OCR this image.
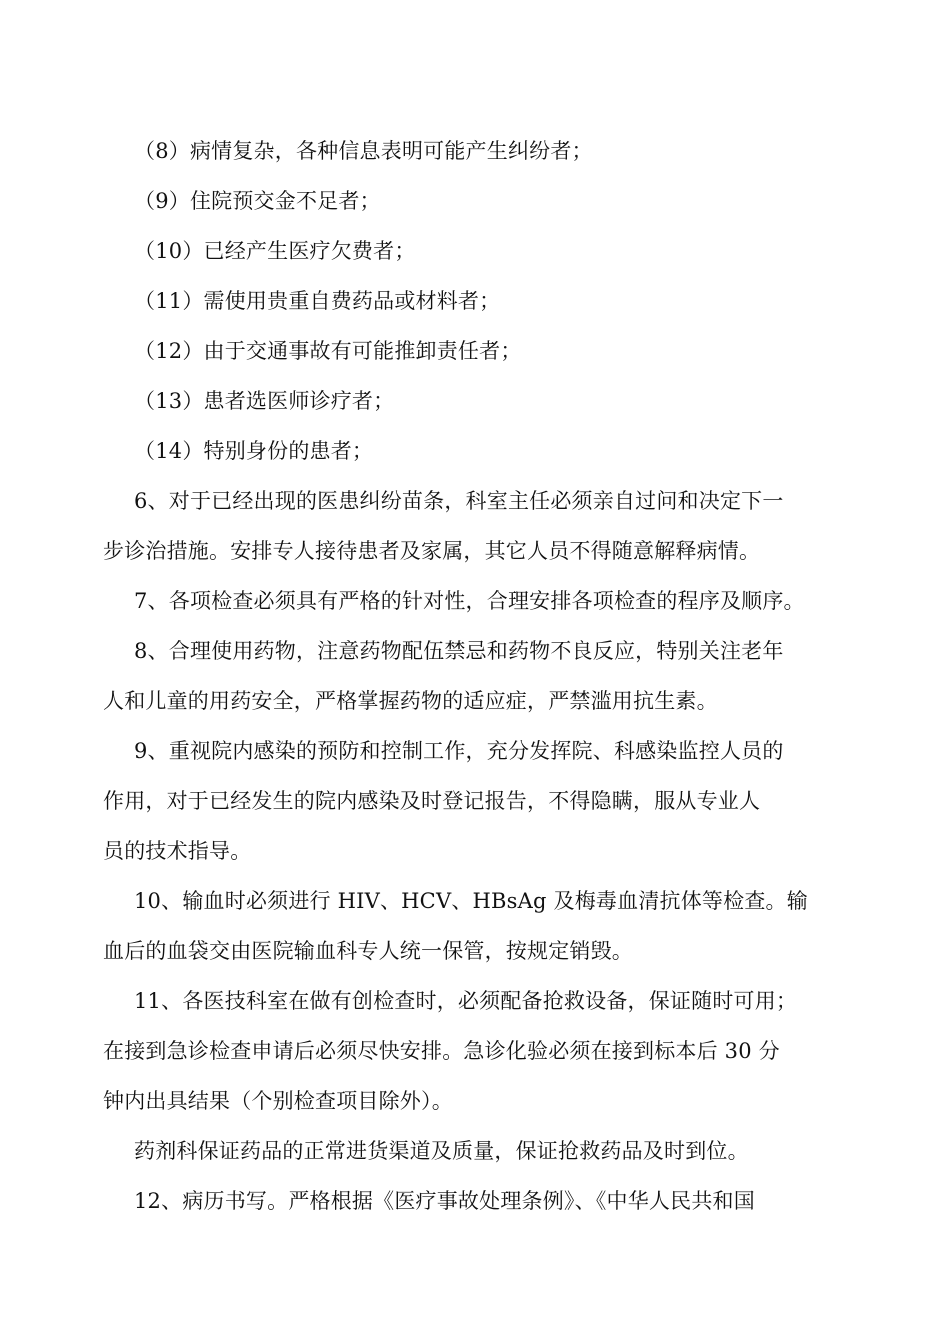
（8）病情复杂，各种信息表明可能产生纠纷者；
（9）住院预交金不足者；
（10）已经产生医疗欠费者；
（11）需使用贵重自费药品或材料者；
（12）由于交通事故有可能推卸责任者；
（13）患者选医师诊疗者；
（14）特别身份的患者；
6、对于已经出现的医患纠纷苗条，科室主任必须亲自过问和决定下一
步诊治措施。安排专人接待患者及家属，其它人员不得随意解释病情。
7、各项检查必须具有严格的针对性，合理安排各项检查的程序及顺序。
8、合理使用药物，注意药物配伍禁忌和药物不良反应，特别关注老年
人和儿童的用药安全，严格掌握药物的适应症，严禁滥用抗生素。
9、重视院内感染的预防和控制工作，充分发挥院、科感染监控人员的
作用，对于已经发生的院内感染及时登记报告，不得隐瞒，服从专业人
员的技术指导。
10、输血时必须进行 HIV、HCV、HBsAg 及梅毒血清抗体等检查。输
血后的血袋交由医院输血科专人统一保管，按规定销毁。
11、各医技科室在做有创检查时，必须配备抢救设备，保证随时可用；
在接到急诊检查申请后必须尽快安排。急诊化验必须在接到标本后 30 分
钟内出具结果（个别检查项目除外）。
药剂科保证药品的正常进货渠道及质量，保证抢救药品及时到位。
12、病历书写。严格根据《医疗事故处理条例》、《中华人民共和国
